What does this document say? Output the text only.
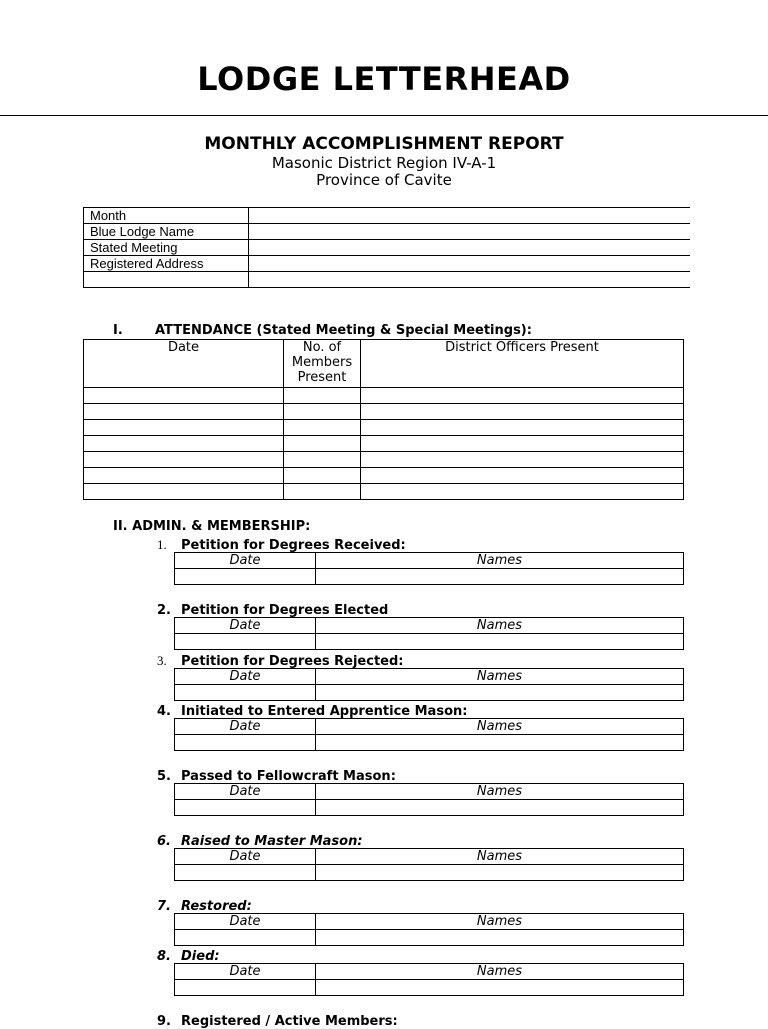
LODGE LETTERHEAD
MONTHLY ACCOMPLISHMENT REPORT
Masonic District Region IV-A-1
Province of Cavite
Month	
Blue Lodge Name	
Stated Meeting	
Registered Address	

I. ATTENDANCE (Stated Meeting & Special Meetings):
Date	No. of Members Present	District Officers Present

II. ADMIN. & MEMBERSHIP:
1. Petition for Degrees Received:
Date	Names

2. Petition for Degrees Elected
Date	Names

3. Petition for Degrees Rejected:
Date	Names

4. Initiated to Entered Apprentice Mason:
Date	Names

5. Passed to Fellowcraft Mason:
Date	Names

6. Raised to Master Mason:
Date	Names

7. Restored:
Date	Names

8. Died:
Date	Names

9. Registered / Active Members:
